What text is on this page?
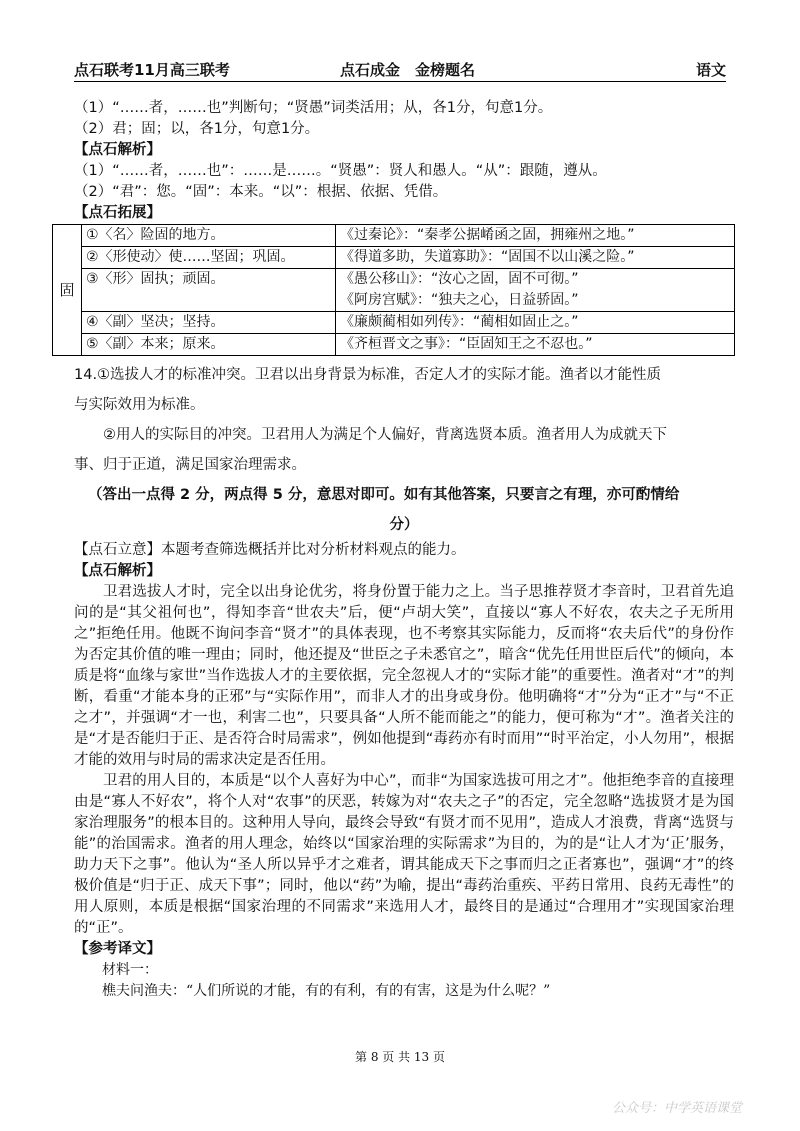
点石联考11月高三联考	点石成金　金榜题名	语文
（1）“……者，……也”判断句；“贤愚”词类活用；从，各1分，句意1分。
（2）君；固；以，各1分，句意1分。
【点石解析】
（1）“……者，……也”：……是……。“贤愚”：贤人和愚人。“从”：跟随，遵从。
（2）“君”：您。“固”：本来。“以”：根据、依据、凭借。
【点石拓展】
固	①〈名〉险固的地方。	《过秦论》：“秦孝公据崤函之固，拥雍州之地。”
	②〈形使动〉使……坚固；巩固。	《得道多助，失道寡助》：“固国不以山溪之险。”
	③〈形〉固执；顽固。	《愚公移山》：“汝心之固，固不可彻。”
		《阿房宫赋》：“独夫之心，日益骄固。”
	④〈副〉坚决；坚持。	《廉颇蔺相如列传》：“蔺相如固止之。”
	⑤〈副〉本来；原来。	《齐桓晋文之事》：“臣固知王之不忍也。”
14.①选拔人才的标准冲突。卫君以出身背景为标准，否定人才的实际才能。渔者以才能性质
与实际效用为标准。
②用人的实际目的冲突。卫君用人为满足个人偏好，背离选贤本质。渔者用人为成就天下
事、归于正道，满足国家治理需求。
（答出一点得 2 分，两点得 5 分，意思对即可。如有其他答案，只要言之有理，亦可酌情给
分）
【点石立意】本题考查筛选概括并比对分析材料观点的能力。
【点石解析】
卫君选拔人才时，完全以出身论优劣，将身份置于能力之上。当子思推荐贤才李音时，卫君首先追问的是“其父祖何也”，得知李音“世农夫”后，便“卢胡大笑”，直接以“寡人不好农，农夫之子无所用之”拒绝任用。他既不询问李音“贤才”的具体表现，也不考察其实际能力，反而将“农夫后代”的身份作为否定其价值的唯一理由；同时，他还提及“世臣之子未悉官之”，暗含“优先任用世臣后代”的倾向，本质是将“血缘与家世”当作选拔人才的主要依据，完全忽视人才的“实际才能”的重要性。渔者对“才”的判断，看重“才能本身的正邪”与“实际作用”，而非人才的出身或身份。他明确将“才”分为“正才”与“不正之才”，并强调“才一也，利害二也”，只要具备“人所不能而能之”的能力，便可称为“才”。渔者关注的是“才是否能归于正、是否符合时局需求”，例如他提到“毒药亦有时而用”“时平治定，小人勿用”，根据才能的效用与时局的需求决定是否任用。
卫君的用人目的，本质是“以个人喜好为中心”，而非“为国家选拔可用之才”。他拒绝李音的直接理由是“寡人不好农”，将个人对“农事”的厌恶，转嫁为对“农夫之子”的否定，完全忽略“选拔贤才是为国家治理服务”的根本目的。这种用人导向，最终会导致“有贤才而不见用”，造成人才浪费，背离“选贤与能”的治国需求。渔者的用人理念，始终以“国家治理的实际需求”为目的，为的是“让人才为‘正’服务，助力天下之事”。他认为“圣人所以异乎才之难者，谓其能成天下之事而归之正者寡也”，强调“才”的终极价值是“归于正、成天下事”；同时，他以“药”为喻，提出“毒药治重疾、平药日常用、良药无毒性”的用人原则，本质是根据“国家治理的不同需求”来选用人才，最终目的是通过“合理用才”实现国家治理的“正”。
【参考译文】
材料一：
樵夫问渔夫：“人们所说的才能，有的有利，有的有害，这是为什么呢？”
第 8 页 共 13 页
公众号：中学英语课堂
